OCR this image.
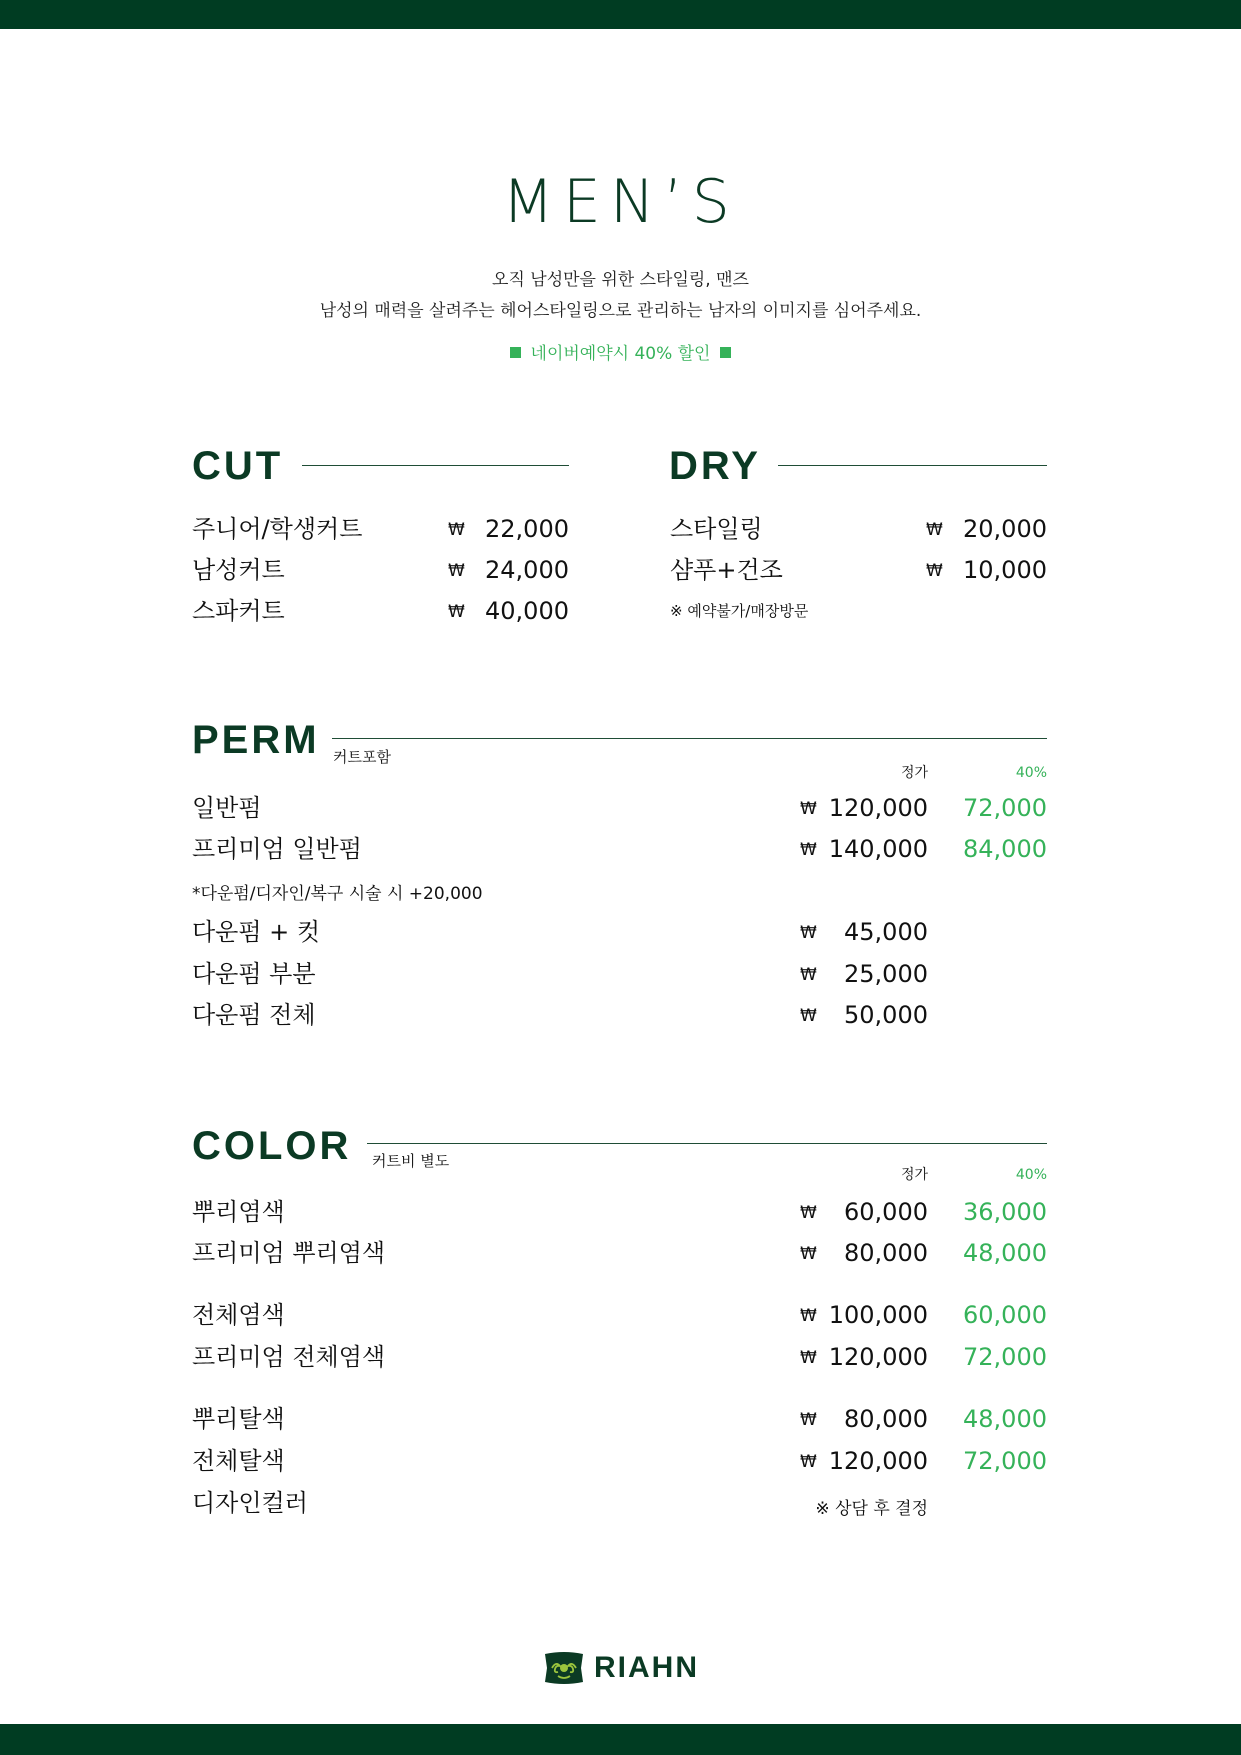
MEN’S
오직 남성만을 위한 스타일링, 맨즈
남성의 매력을 살려주는 헤어스타일링으로 관리하는 남자의 이미지를 심어주세요.
네이버예약시 40% 할인
CUT
주니어/학생커트 ₩	22,000
남성커트 ₩	24,000
스파커트 ₩	40,000
DRY
스타일링 ₩	20,000
샴푸+건조 ₩	10,000
※ 예약불가/매장방문
PERM 커트포함
정가	40%
일반펌 ₩	120,000	72,000
프리미엄 일반펌 ₩	140,000	84,000
*다운펌/디자인/복구 시술 시 +20,000
다운펌 + 컷 ₩	45,000
다운펌 부분 ₩	25,000
다운펌 전체 ₩	50,000
COLOR 커트비 별도
정가	40%
뿌리염색 ₩	60,000	36,000
프리미엄 뿌리염색 ₩	80,000	48,000
전체염색 ₩	100,000	60,000
프리미엄 전체염색 ₩	120,000	72,000
뿌리탈색 ₩	80,000	48,000
전체탈색 ₩	120,000	72,000
디자인컬러	※ 상담 후 결정
RIAHN
